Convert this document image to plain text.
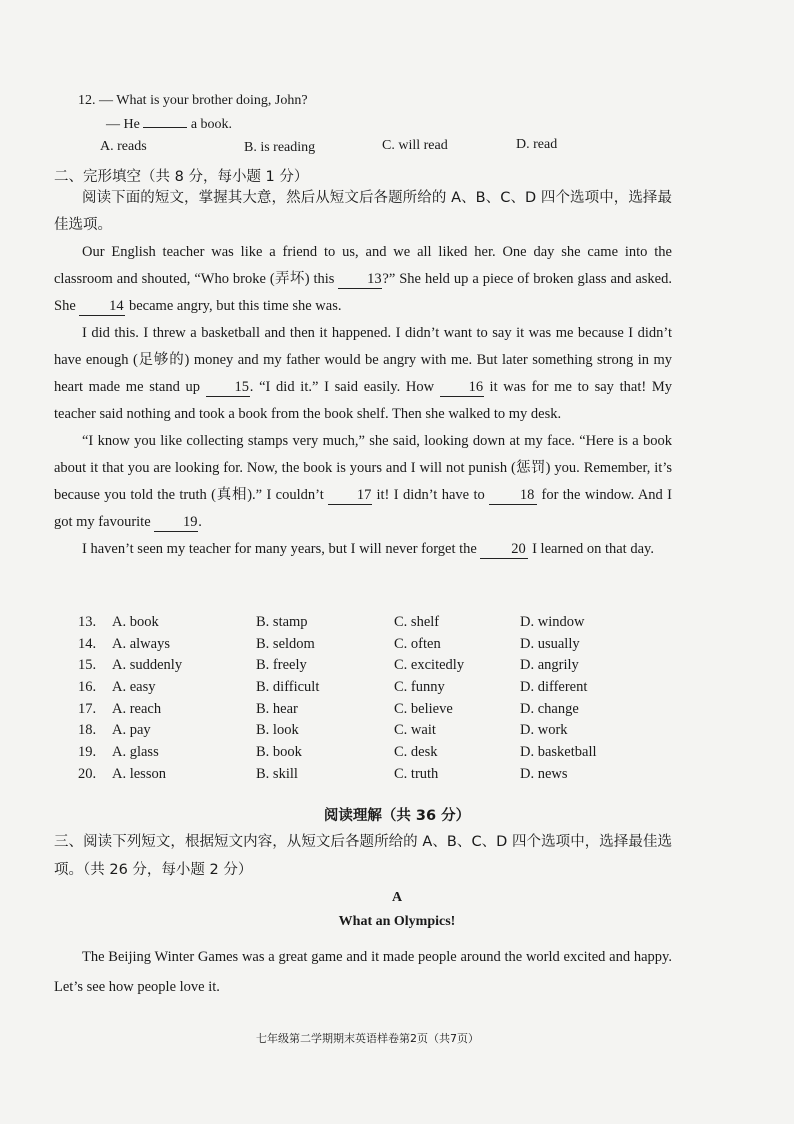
12. — What is your brother doing, John?
— He	a book.
A. reads	B. is reading	C. will read	D. read
二、完形填空（共 8 分，每小题 1 分）

阅读下面的短文，掌握其大意，然后从短文后各题所给的 A、B、C、D 四个选项中，选择最佳选项。

Our English teacher was like a friend to us, and we all liked her. One day she came into the classroom and shouted, “Who broke (弄坏) this 13?” She held up a piece of broken glass and asked. She 14 became angry, but this time she was.

I did this. I threw a basketball and then it happened. I didn’t want to say it was me because I didn’t have enough (足够的) money and my father would be angry with me. But later something strong in my heart made me stand up 15. “I did it.” I said easily. How 16 it was for me to say that! My teacher said nothing and took a book from the book shelf. Then she walked to my desk.

“I know you like collecting stamps very much,” she said, looking down at my face. “Here is a book about it that you are looking for. Now, the book is yours and I will not punish (惩罚) you. Remember, it’s because you told the truth (真相).” I couldn’t 17 it! I didn’t have to 18 for the window. And I got my favourite 19.

I haven’t seen my teacher for many years, but I will never forget the 20 I learned on that day.

13. A. book	B. stamp	C. shelf	D. window
14. A. always	B. seldom	C. often	D. usually
15. A. suddenly	B. freely	C. excitedly	D. angrily
16. A. easy	B. difficult	C. funny	D. different
17. A. reach	B. hear	C. believe	D. change
18. A. pay	B. look	C. wait	D. work
19. A. glass	B. book	C. desk	D. basketball
20. A. lesson	B. skill	C. truth	D. news
阅读理解（共 36 分）

三、阅读下列短文，根据短文内容，从短文后各题所给的 A、B、C、D 四个选项中，选择最佳选项。（共 26 分，每小题 2 分）

A
What an Olympics!

The Beijing Winter Games was a great game and it made people around the world excited and happy. Let’s see how people love it.

七年级第二学期期末英语样卷第2页（共7页）
